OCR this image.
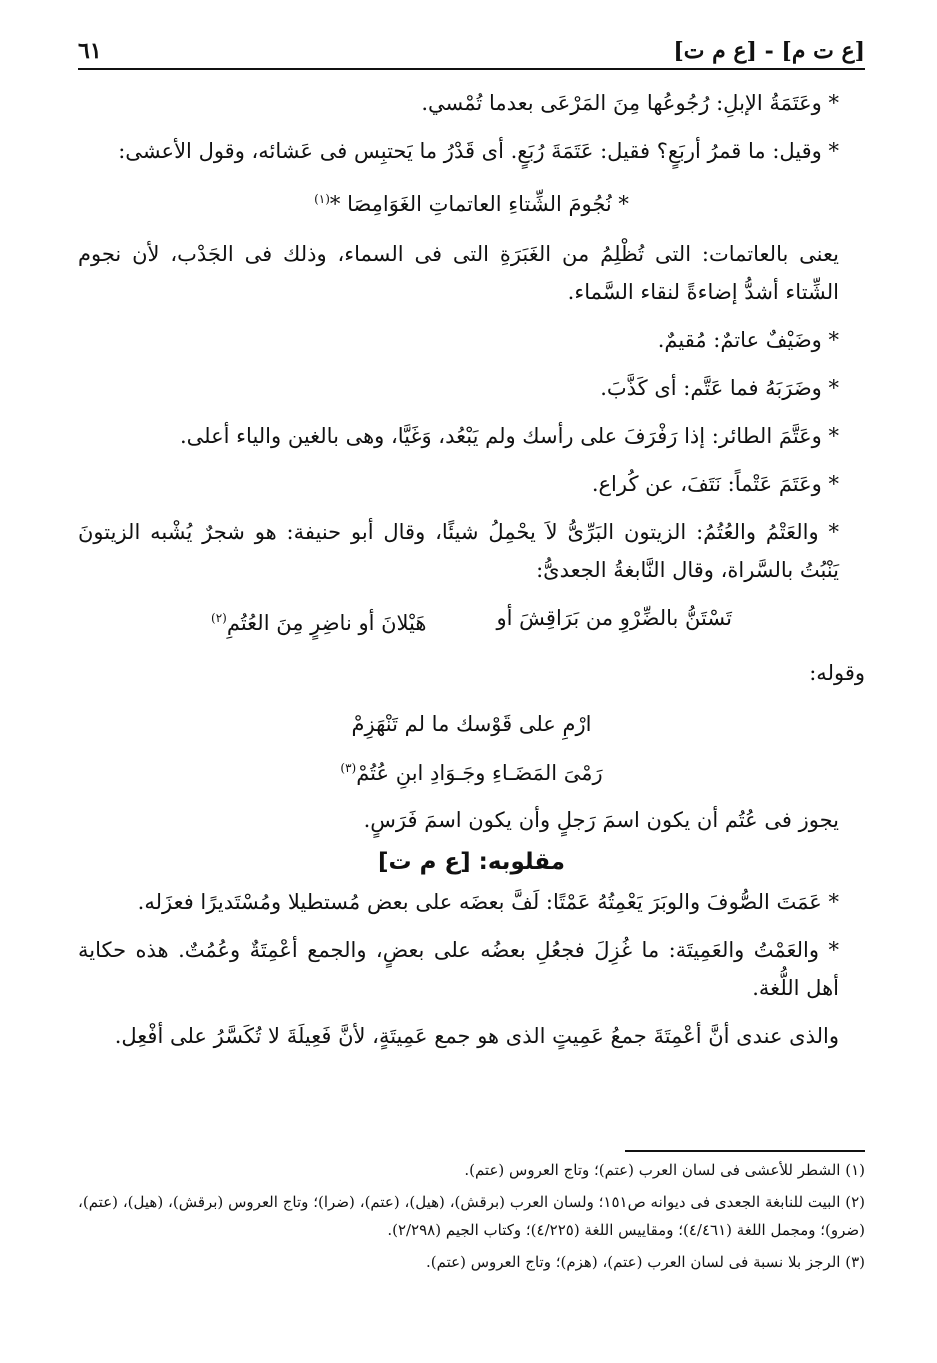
[ع ت م] - [ع م ت]
٦١

* وعَتَمَةُ الإبلِ: رُجُوعُها مِنَ المَرْعَى بعدما تُمْسي.

* وقيل: ما قمرُ أربَعٍ؟ فقيل: عَتَمَةَ رُبَعٍ. أى قَدْرُ ما يَحتبِس فى عَشائه، وقول الأعشى:

* نُجُومَ الشِّتاءِ العاتماتِ الغَوَامِصَا *$^{(١)}$

يعنى بالعاتمات: التى تُظْلِمُ من الغَبَرَةِ التى فى السماء، وذلك فى الجَدْب، لأن نجوم الشِّتاء أشدُّ إضاءةً لنقاء السَّماء.

* وضَيْفٌ عاتمٌ: مُقيمٌ.

* وضَرَبَهُ فما عَتَّم: أى كَذَّبَ.

* وعَتَّمَ الطائر: إذا رَفْرَفَ على رأسك ولم يَبْعُد، وَغَيَّا، وهى بالغين والياء أعلى.

* وعَتَمَ عَتْماً: نَتَفَ، عن كُراع.

* والعَتْمُ والعُتُمُ: الزيتون البَرِّىُّ لاَ يحْمِلُ شيئًا، وقال أبو حنيفة: هو شجرٌ يُشْبه الزيتونَ يَنْبُتُ بالسَّراة، وقال النَّابغةُ الجعدىُّ:

تَسْتَنُّ بالضِّرْوِ من بَرَاقِشَ أو
هَيْلانَ أو ناضِرٍ مِنَ العُتُمِ$^{(٢)}$

وقوله:

ارْمِ على قَوْسك ما لم تَنْهَزِمْ
رَمْىَ المَضَـاءِ وجَـوَادِ ابنِ عُتُمْ$^{(٣)}$

يجوز فى عُتُم أن يكون اسمَ رَجلٍ وأن يكون اسمَ فَرَسٍ.

مقلوبه: [ع م ت]

* عَمَتَ الصُّوفَ والوبَرَ يَعْمِتُهُ عَمْتًا: لَفَّ بعضَه على بعض مُستطيلا ومُسْتَديرًا فعزَله.

* والعَمْتُ والعَمِيتَة: ما غُزِلَ فجعُلِ بعضُه على بعضٍ، والجمع أعْمِتَةٌ وعُمُتٌ. هذه حكاية أهل اللُّغة.

والذى عندى أنَّ أعْمِتَةَ جمعُ عَمِيتٍ الذى هو جمع عَمِيتَةٍ، لأنَّ فَعِيلَةَ لا تُكَسَّرُ على أفْعِل.

(١) الشطر للأعشى فى لسان العرب (عتم)؛ وتاج العروس (عتم).

(٢) البيت للنابغة الجعدى فى ديوانه ص١٥١؛ ولسان العرب (برقش)، (هيل)، (عتم)، (ضرا)؛ وتاج العروس (برقش)، (هيل)، (عتم)، (ضرو)؛ ومجمل اللغة (٤/٤٦١)؛ ومقاييس اللغة (٤/٢٢٥)؛ وكتاب الجيم (٢/٢٩٨).

(٣) الرجز بلا نسبة فى لسان العرب (عتم)، (هزم)؛ وتاج العروس (عتم).
